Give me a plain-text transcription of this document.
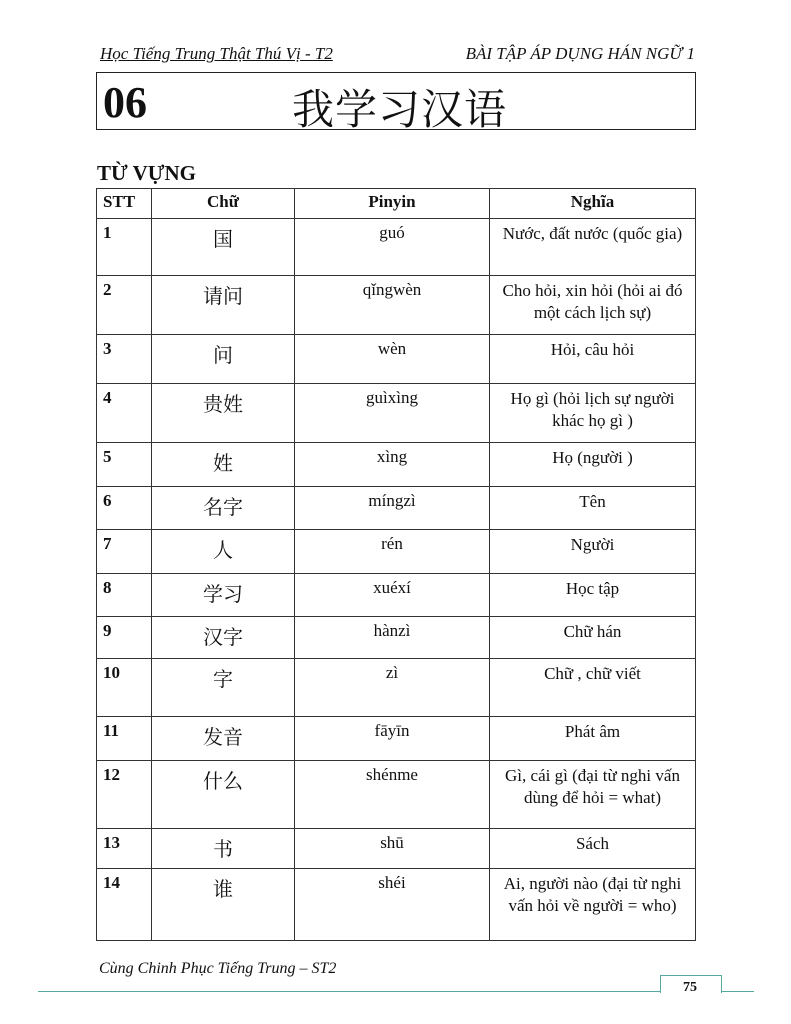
Học Tiếng Trung Thật Thú Vị - T2	BÀI TẬP ÁP DỤNG HÁN NGỮ 1
06	我学习汉语
TỪ VỰNG
STT	Chữ	Pinyin	Nghĩa
1	国	guó	Nước, đất nước (quốc gia)
2	请问	qǐngwèn	Cho hỏi, xin hỏi (hỏi ai đó một cách lịch sự)
3	问	wèn	Hỏi, câu hỏi
4	贵姓	guìxìng	Họ gì (hỏi lịch sự người khác họ gì )
5	姓	xìng	Họ (người )
6	名字	míngzì	Tên
7	人	rén	Người
8	学习	xuéxí	Học tập
9	汉字	hànzì	Chữ hán
10	字	zì	Chữ , chữ viết
11	发音	fāyīn	Phát âm
12	什么	shénme	Gì, cái gì (đại từ nghi vấn dùng để hỏi = what)
13	书	shū	Sách
14	谁	shéi	Ai, người nào (đại từ nghi vấn hỏi về người = who)
Cùng Chinh Phục Tiếng Trung – ST2
75
